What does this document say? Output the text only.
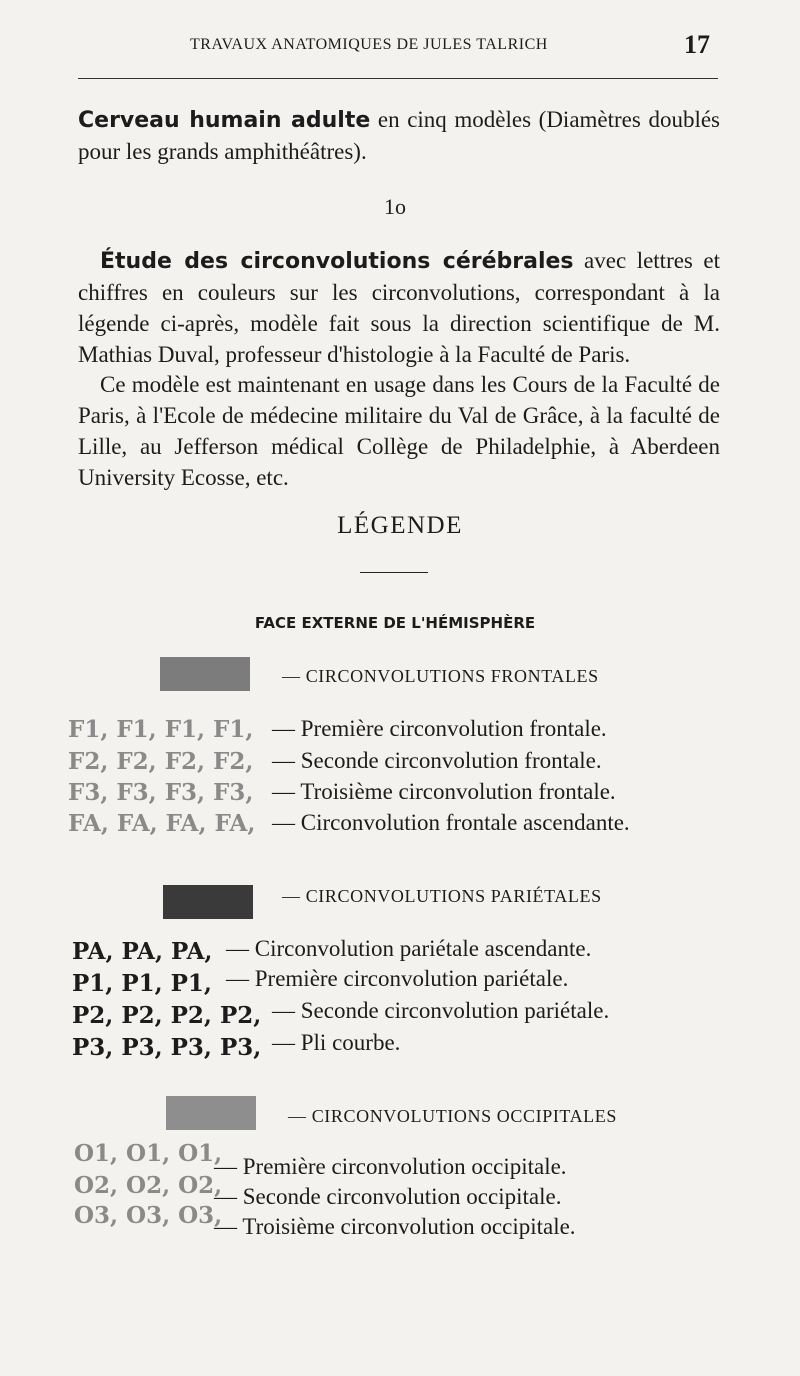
TRAVAUX ANATOMIQUES DE JULES TALRICH	17
Cerveau humain adulte en cinq modèles (Diamètres doublés pour les grands amphithéâtres).
1o
Étude des circonvolutions cérébrales avec lettres et chiffres en couleurs sur les circonvolutions, correspondant à la légende ci-après, modèle fait sous la direction scientifique de M. Mathias Duval, professeur d'histologie à la Faculté de Paris.
Ce modèle est maintenant en usage dans les Cours de la Faculté de Paris, à l'Ecole de médecine militaire du Val de Grâce, à la faculté de Lille, au Jefferson médical Collège de Philadelphie, à Aberdeen University Ecosse, etc.
LÉGENDE
FACE EXTERNE DE L'HÉMISPHÈRE
— CIRCONVOLUTIONS FRONTALES
F1, F1, F1, F1, — Première circonvolution frontale.
F2, F2, F2, F2, — Seconde circonvolution frontale.
F3, F3, F3, F3, — Troisième circonvolution frontale.
FA, FA, FA, FA, — Circonvolution frontale ascendante.
— CIRCONVOLUTIONS PARIÉTALES
PA, PA, PA, — Circonvolution pariétale ascendante.
P1, P1, P1, — Première circonvolution pariétale.
P2, P2, P2, P2, — Seconde circonvolution pariétale.
P3, P3, P3, P3, — Pli courbe.
— CIRCONVOLUTIONS OCCIPITALES
O1, O1, O1,
— Première circonvolution occipitale.
O2, O2, O2,
— Seconde circonvolution occipitale.
O3, O3, O3,
— Troisième circonvolution occipitale.
